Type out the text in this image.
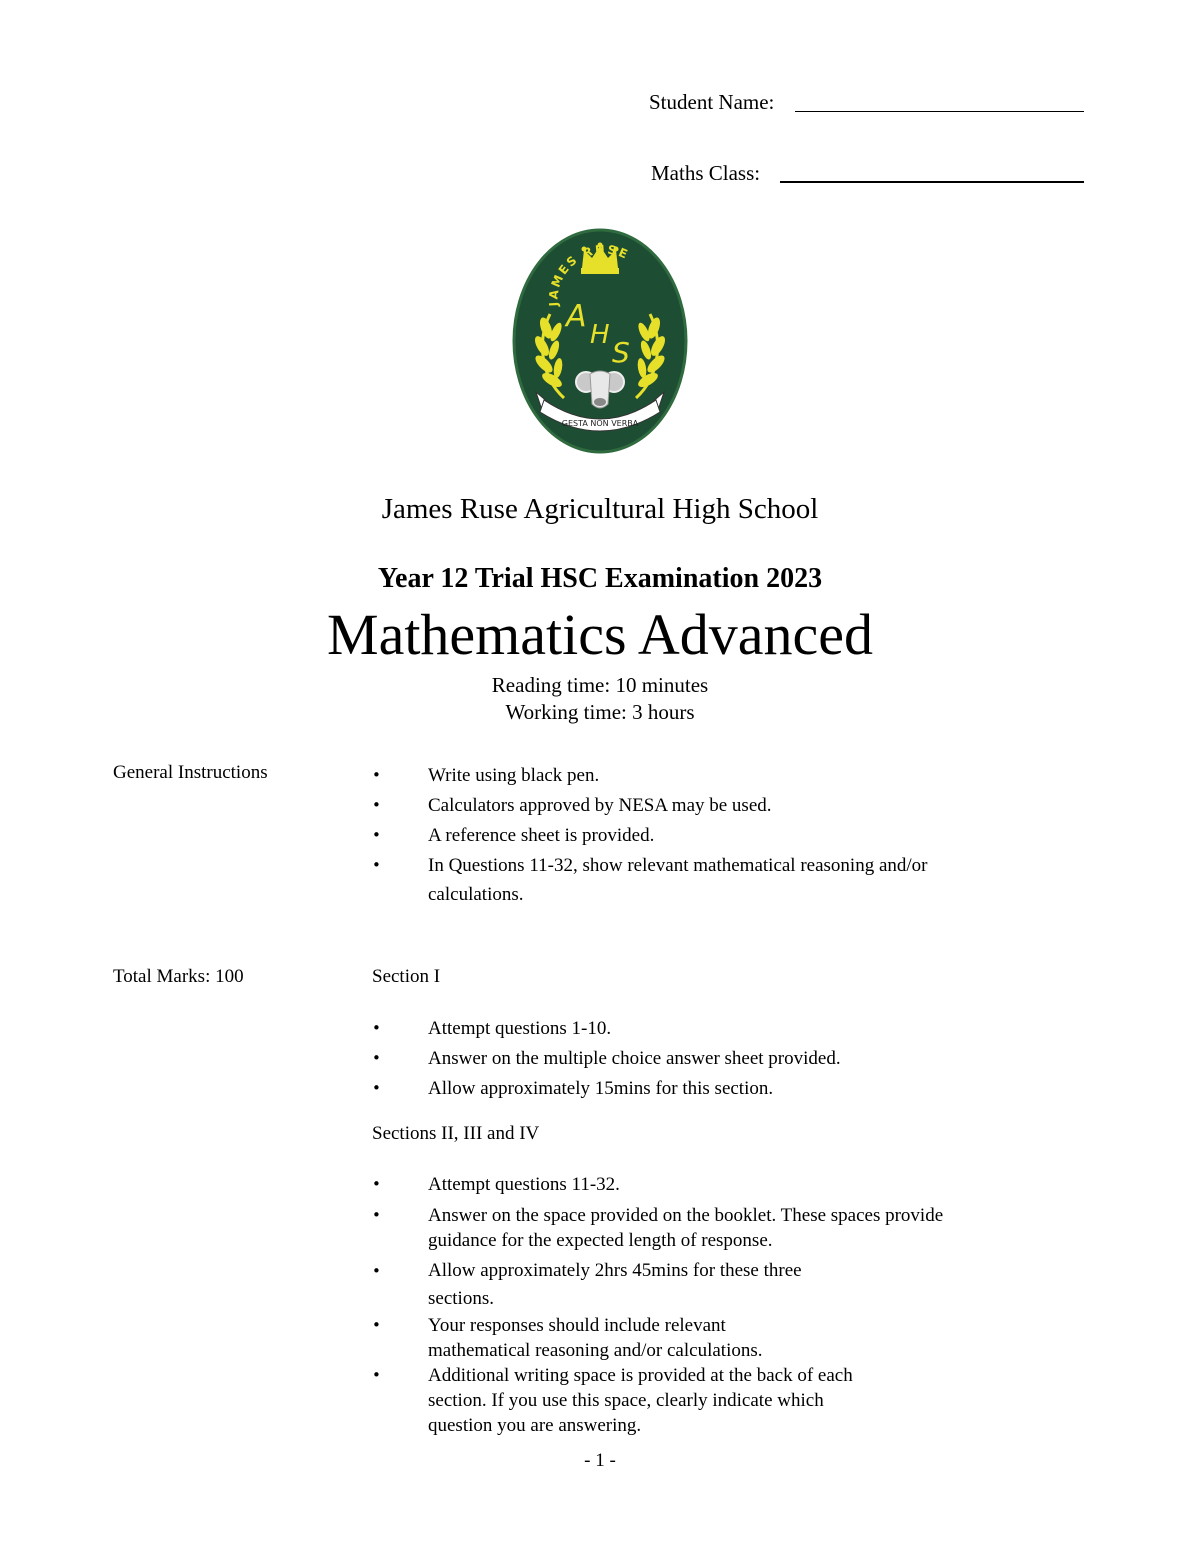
Student Name:
Maths Class:
JAMES RUSE
A
H
S
GESTA NON VERBA
James Ruse Agricultural High School
Year 12 Trial HSC Examination 2023
Mathematics Advanced
Reading time: 10 minutes
Working time: 3 hours
General Instructions	• Write using black pen.
• Calculators approved by NESA may be used.
• A reference sheet is provided.
• In Questions 11-32, show relevant mathematical reasoning and/or calculations.
Total Marks: 100	Section I
• Attempt questions 1-10.
• Answer on the multiple choice answer sheet provided.
• Allow approximately 15mins for this section.
Sections II, III and IV
• Attempt questions 11-32.
• Answer on the space provided on the booklet. These spaces provide guidance for the expected length of response.
• Allow approximately 2hrs 45mins for these three sections.
• Your responses should include relevant mathematical reasoning and/or calculations.
• Additional writing space is provided at the back of each section. If you use this space, clearly indicate which question you are answering.
- 1 -
